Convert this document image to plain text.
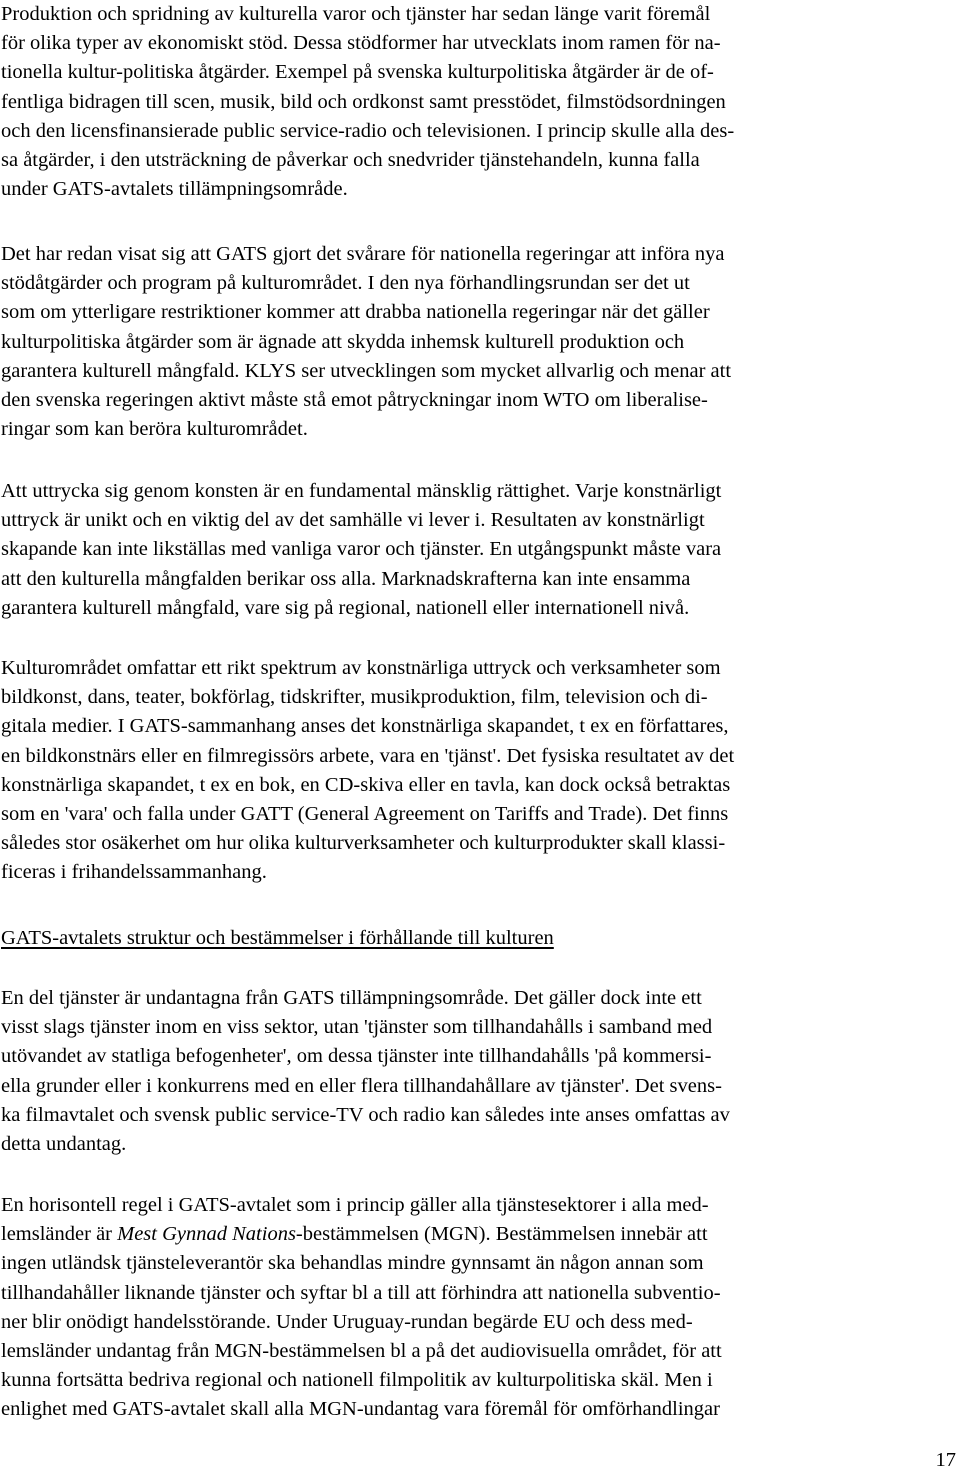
Produktion och spridning av kulturella varor och tjänster har sedan länge varit föremål
för olika typer av ekonomiskt stöd. Dessa stödformer har utvecklats inom ramen för na-
tionella kultur-politiska åtgärder. Exempel på svenska kulturpolitiska åtgärder är de of-
fentliga bidragen till scen, musik, bild och ordkonst samt presstödet, filmstödsordningen
och den licensfinansierade public service-radio och televisionen. I princip skulle alla des-
sa åtgärder, i den utsträckning de påverkar och snedvrider tjänstehandeln, kunna falla
under GATS-avtalets tillämpningsområde.

Det har redan visat sig att GATS gjort det svårare för nationella regeringar att införa nya
stödåtgärder och program på kulturområdet. I den nya förhandlingsrundan ser det ut
som om ytterligare restriktioner kommer att drabba nationella regeringar när det gäller
kulturpolitiska åtgärder som är ägnade att skydda inhemsk kulturell produktion och
garantera kulturell mångfald. KLYS ser utvecklingen som mycket allvarlig och menar att
den svenska regeringen aktivt måste stå emot påtryckningar inom WTO om liberalise-
ringar som kan beröra kulturområdet.

Att uttrycka sig genom konsten är en fundamental mänsklig rättighet. Varje konstnärligt
uttryck är unikt och en viktig del av det samhälle vi lever i. Resultaten av konstnärligt
skapande kan inte likställas med vanliga varor och tjänster. En utgångspunkt måste vara
att den kulturella mångfalden berikar oss alla. Marknadskrafterna kan inte ensamma
garantera kulturell mångfald, vare sig på regional, nationell eller internationell nivå.

Kulturområdet omfattar ett rikt spektrum av konstnärliga uttryck och verksamheter som
bildkonst, dans, teater, bokförlag, tidskrifter, musikproduktion, film, television och di-
gitala medier. I GATS-sammanhang anses det konstnärliga skapandet, t ex en författares,
en bildkonstnärs eller en filmregissörs arbete, vara en 'tjänst'. Det fysiska resultatet av det
konstnärliga skapandet, t ex en bok, en CD-skiva eller en tavla, kan dock också betraktas
som en 'vara' och falla under GATT (General Agreement on Tariffs and Trade). Det finns
således stor osäkerhet om hur olika kulturverksamheter och kulturprodukter skall klassi-
ficeras i frihandelssammanhang.

GATS-avtalets struktur och bestämmelser i förhållande till kulturen

En del tjänster är undantagna från GATS tillämpningsområde. Det gäller dock inte ett
visst slags tjänster inom en viss sektor, utan 'tjänster som tillhandahålls i samband med
utövandet av statliga befogenheter', om dessa tjänster inte tillhandahålls 'på kommersi-
ella grunder eller i konkurrens med en eller flera tillhandahållare av tjänster'. Det svens-
ka filmavtalet och svensk public service-TV och radio kan således inte anses omfattas av
detta undantag.

En horisontell regel i GATS-avtalet som i princip gäller alla tjänstesektorer i alla med-
lemsländer är Mest Gynnad Nations-bestämmelsen (MGN). Bestämmelsen innebär att
ingen utländsk tjänsteleverantör ska behandlas mindre gynnsamt än någon annan som
tillhandahåller liknande tjänster och syftar bl a till att förhindra att nationella subventio-
ner blir onödigt handelsstörande. Under Uruguay-rundan begärde EU och dess med-
lemsländer undantag från MGN-bestämmelsen bl a på det audiovisuella området, för att
kunna fortsätta bedriva regional och nationell filmpolitik av kulturpolitiska skäl. Men i
enlighet med GATS-avtalet skall alla MGN-undantag vara föremål för omförhandlingar

17
